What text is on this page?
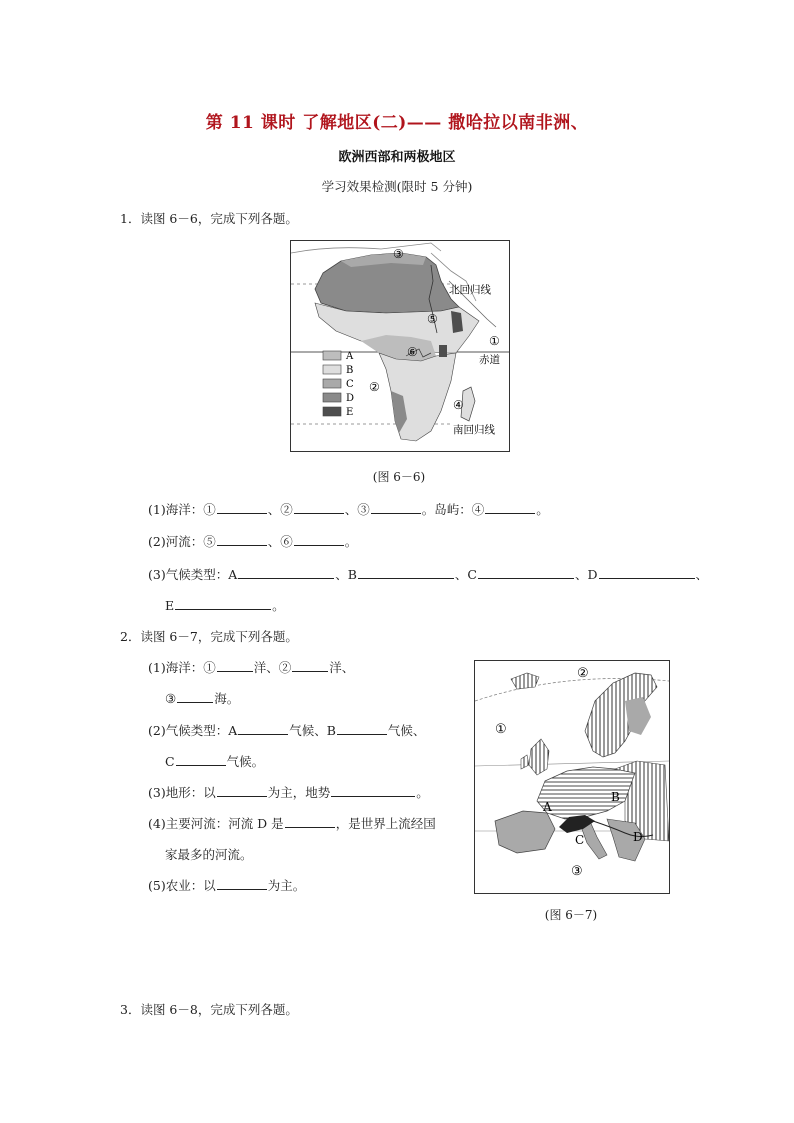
第 11 课时 了解地区(二)—— 撒哈拉以南非洲、
欧洲西部和两极地区
学习效果检测(限时 5 分钟)
1．读图 6－6，完成下列各题。
A
B
C
D
E
③
②
①
④
⑤
⑥
北回归线
赤道
南回归线
(图 6－6)
(1)海洋：①	、②	、③	。岛屿：④	。
(2)河流：⑤	、⑥	。
(3)气候类型：A	、B	、C	、D	、
E	。
2．读图 6－7，完成下列各题。
(1)海洋：①	洋、②	洋、
③	海。
(2)气候类型：A	气候、B	气候、
C	气候。
(3)地形：以	为主，地势	。
(4)主要河流：河流 D 是	，是世界上流经国
家最多的河流。
(5)农业：以	为主。
①
②
③
A
B
C	D
(图 6－7)
3．读图 6－8，完成下列各题。
